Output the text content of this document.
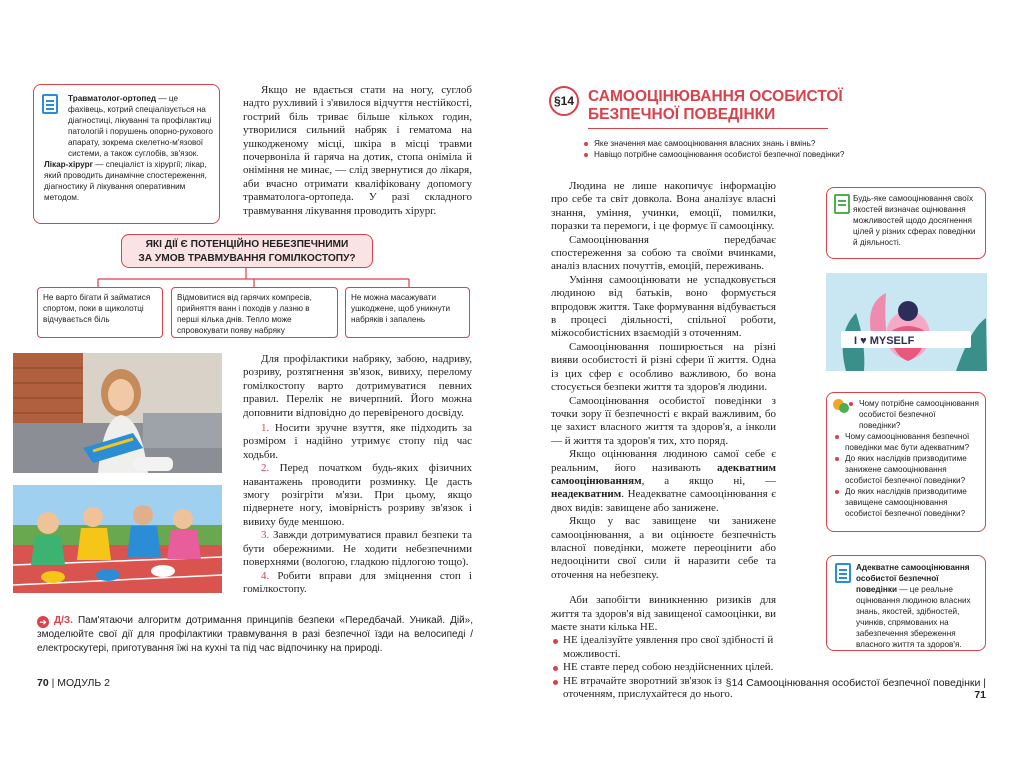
Травматолог-ортопед — це фахівець, котрий спеціалізується на діагностиці, лікуванні та профілактиці патологій і порушень опорно-рухового апарату, зокрема скелетно-м'язової системи, а також суглобів, зв'язок.
Лікар-хірург — спеціаліст із хірургії; лікар, який проводить динамічне спостереження, діагностику й лікування оперативним методом.

Якщо не вдається стати на ногу, суглоб надто рухливий і з'явилося відчуття нестійкості, гострий біль триває більше кількох годин, утворилися сильний набряк і гематома на ушкодженому місці, шкіра в місці травми почервоніла й гаряча на дотик, стопа оніміла й оніміння не минає, — слід звернутися до лікаря, аби вчасно отримати кваліфіковану допомогу травматолога-ортопеда. У разі складного травмування лікування проводить хірург.

ЯКІ ДІЇ Є ПОТЕНЦІЙНО НЕБЕЗПЕЧНИМИ
ЗА УМОВ ТРАВМУВАННЯ ГОМІЛКОСТОПУ?
Не варто бігати й займатися спортом, поки в щиколотці відчувається біль
Відмовитися від гарячих компресів, прийняття ванн і походів у лазню в перші кілька днів. Тепло може спровокувати появу набряку
Не можна масажувати ушкоджене, щоб уникнути набряків і запалень

Для профілактики набряку, забою, надриву, розриву, розтягнення зв'язок, вивиху, перелому гомілкостопу варто дотримуватися певних правил. Перелік не вичерпний. Його можна доповнити відповідно до перевіреного досвіду.

1. Носити зручне взуття, яке підходить за розміром і надійно утримує стопу під час ходьби.

2. Перед початком будь-яких фізичних навантажень проводити розминку. Це дасть змогу розігріти м'язи. При цьому, якщо підвернете ногу, імовірність розриву зв'язок і вивиху буде меншою.

3. Завжди дотримуватися правил безпеки та бути обережними. Не ходити небезпечними поверхнями (вологою, гладкою підлогою тощо).

4. Робити вправи для зміцнення стоп і гомілкостопу.

➜ Д/З. Пам'ятаючи алгоритм дотримання принципів безпеки «Передбачай. Уникай. Дій», змоделюйте свої дії для профілактики травмування в разі безпечної їзди на велосипеді / електроскутері, приготування їжі на кухні та під час відпочинку на природі.
70 | МОДУЛЬ 2
§14 САМООЦІНЮВАННЯ ОСОБИСТОЇ
БЕЗПЕЧНОЇ ПОВЕДІНКИ
Яке значення має самооцінювання власних знань і вмінь?
Навіщо потрібне самооцінювання особистої безпечної поведінки?

Людина не лише накопичує інформацію про себе та світ довкола. Вона аналізує власні знання, уміння, учинки, емоції, помилки, поразки та перемоги, і це формує її самооцінку.

Самооцінювання передбачає спостереження за собою та своїми вчинками, аналіз власних почуттів, емоцій, переживань.

Уміння самооцінювати не успадковується людиною від батьків, воно формується впродовж життя. Таке формування відбувається в процесі діяльності, спільної роботи, міжособистісних взаємодій з оточенням.

Самооцінювання поширюється на різні вияви особистості й різні сфери її життя. Одна із цих сфер є особливо важливою, бо вона стосується безпеки життя та здоров'я людини.

Самооцінювання особистої поведінки з точки зору її безпечності є вкрай важливим, бо це захист власного життя та здоров'я, а інколи — й життя та здоров'я тих, хто поряд.

Якщо оцінювання людиною самої себе є реальним, його називають адекватним самооцінюванням, а якщо ні, — неадекватним. Неадекватне самооцінювання є двох видів: завищене або занижене.

Якщо у вас завищене чи занижене самооцінювання, а ви оцінюєте безпечність власної поведінки, можете переоцінити або недооцінити свої сили й наразити себе та оточення на небезпеку.

Аби запобігти виникненню ризиків для життя та здоров'я від завищеної самооцінки, ви маєте знати кілька НЕ.

НЕ ідеалізуйте уявлення про свої здібності й можливості.
НЕ ставте перед собою нездійсненних цілей.
НЕ втрачайте зворотний зв'язок із оточенням, прислухайтеся до нього.
Будь-яке самооцінювання своїх якостей визначає оцінювання можливостей щодо досягнення цілей у різних сферах поведінки й діяльності.
I ♥ MYSELF
Чому потрібне самооцінювання особистої безпечної поведінки?
Чому самооцінювання безпечної поведінки має бути адекватним?
До яких наслідків призводитиме занижене самооцінювання особистої безпечної поведінки?
До яких наслідків призводитиме завищене самооцінювання особистої безпечної поведінки?
Адекватне самооцінювання особистої безпечної поведінки — це реальне оцінювання людиною власних знань, якостей, здібностей, учинків, спрямованих на забезпечення збереження власного життя та здоров'я.
§14 Самооцінювання особистої безпечної поведінки | 71
